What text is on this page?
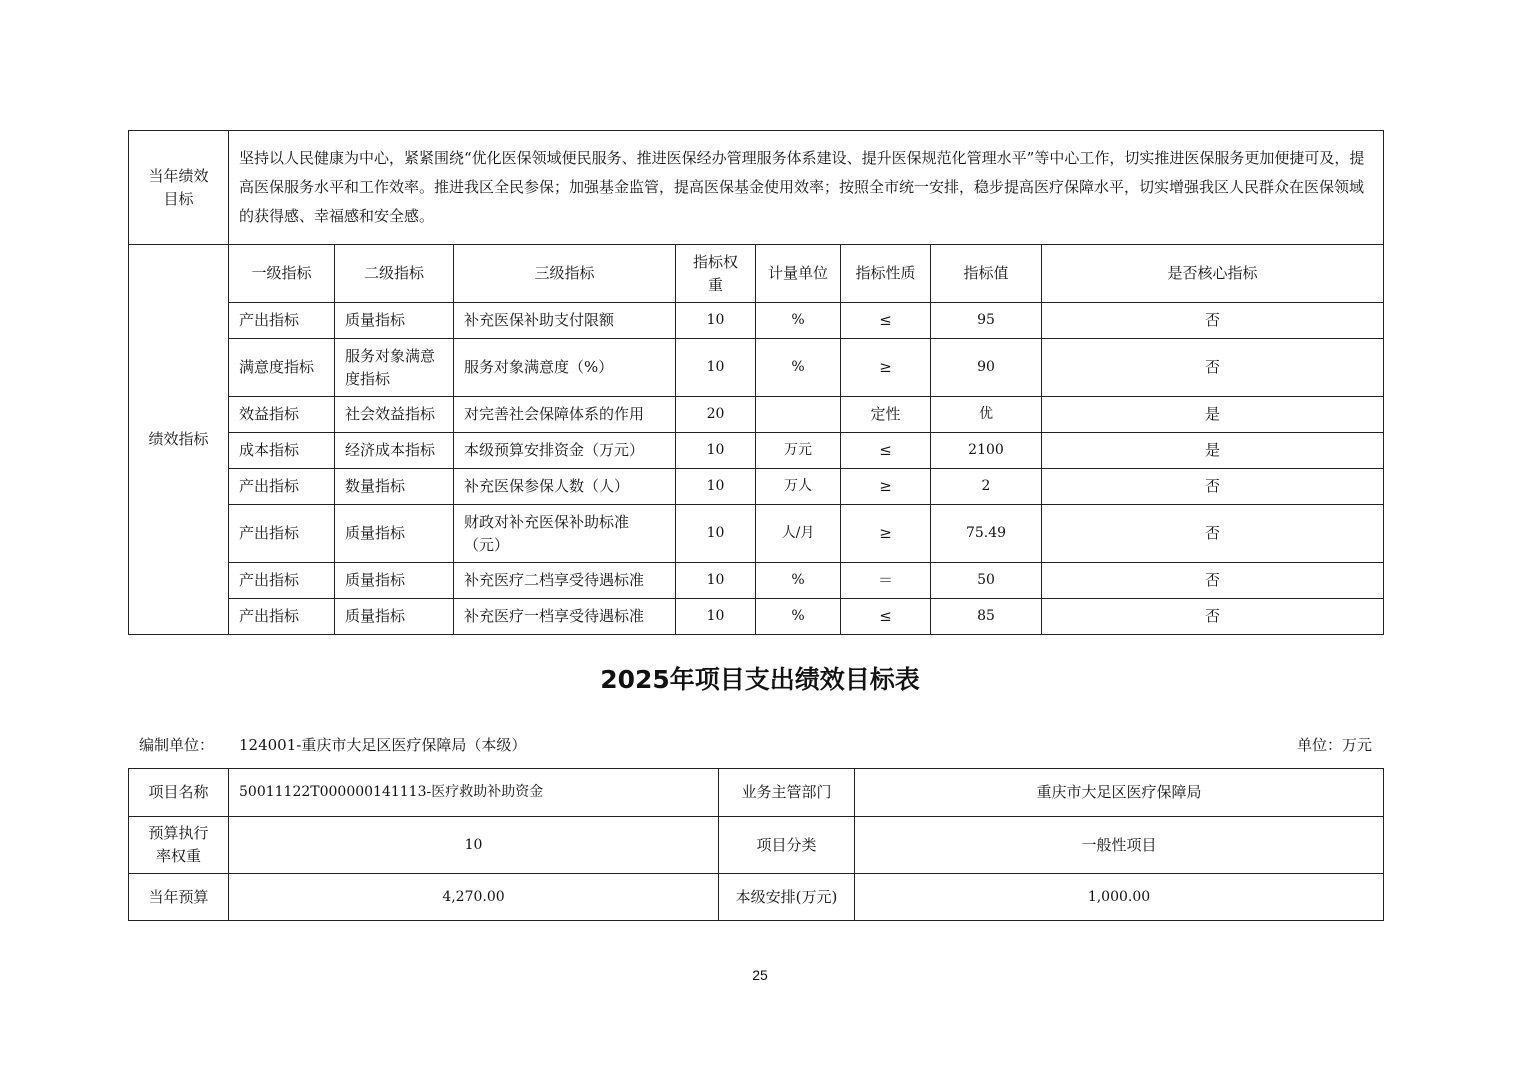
当年绩效目标	坚持以人民健康为中心，紧紧围绕“优化医保领域便民服务、推进医保经办管理服务体系建设、提升医保规范化管理水平”等中心工作，切实推进医保服务更加便捷可及，提高医保服务水平和工作效率。推进我区全民参保；加强基金监管，提高医保基金使用效率；按照全市统一安排，稳步提高医疗保障水平，切实增强我区人民群众在医保领域的获得感、幸福感和安全感。							
绩效指标	一级指标	二级指标	三级指标	指标权重	计量单位	指标性质	指标值	是否核心指标
	产出指标	质量指标	补充医保补助支付限额	10	%	≤	95	否
	满意度指标	服务对象满意度指标	服务对象满意度（%）	10	%	≥	90	否
	效益指标	社会效益指标	对完善社会保障体系的作用	20		定性	优	是
	成本指标	经济成本指标	本级预算安排资金（万元）	10	万元	≤	2100	是
	产出指标	数量指标	补充医保参保人数（人）	10	万人	≥	2	否
	产出指标	质量指标	财政对补充医保补助标准（元）	10	人/月	≥	75.49	否
	产出指标	质量指标	补充医疗二档享受待遇标准	10	%	＝	50	否
	产出指标	质量指标	补充医疗一档享受待遇标准	10	%	≤	85	否
2025年项目支出绩效目标表
编制单位： 124001-重庆市大足区医疗保障局（本级）	单位：万元
项目名称	50011122T000000141113-医疗救助补助资金	业务主管部门	重庆市大足区医疗保障局
预算执行率权重	10	项目分类	一般性项目
当年预算	4,270.00	本级安排(万元)	1,000.00
25
